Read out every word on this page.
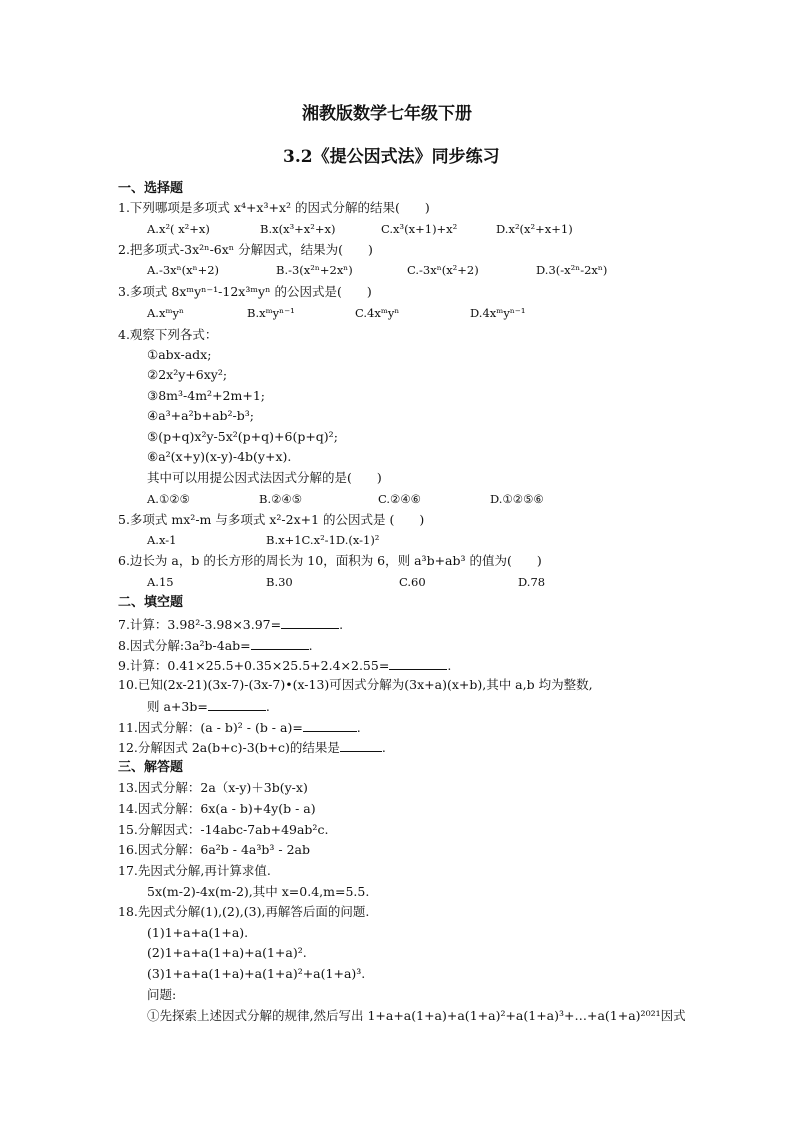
湘教版数学七年级下册
3.2《提公因式法》同步练习
一、选择题
1.下列哪项是多项式 x⁴+x³+x² 的因式分解的结果(　　)
A.x²( x²+x)	B.x(x³+x²+x)	C.x³(x+1)+x²	D.x²(x²+x+1)
2.把多项式-3x²ⁿ-6xⁿ 分解因式，结果为(　　)
A.-3xⁿ(xⁿ+2)	B.-3(x²ⁿ+2xⁿ)	C.-3xⁿ(x²+2)	D.3(-x²ⁿ-2xⁿ)
3.多项式 8xᵐyⁿ⁻¹-12x³ᵐyⁿ 的公因式是(　　)
A.xᵐyⁿ	B.xᵐyⁿ⁻¹	C.4xᵐyⁿ	D.4xᵐyⁿ⁻¹
4.观察下列各式：
①abx-adx;
②2x²y+6xy²;
③8m³-4m²+2m+1;
④a³+a²b+ab²-b³;
⑤(p+q)x²y-5x²(p+q)+6(p+q)²;
⑥a²(x+y)(x-y)-4b(y+x).
其中可以用提公因式法因式分解的是(　　)
A.①②⑤	B.②④⑤	C.②④⑥	D.①②⑤⑥
5.多项式 mx²-m 与多项式 x²-2x+1 的公因式是 (　　)
A.x-1	B.x+1C.x²-1D.(x-1)²
6.边长为 a，b 的长方形的周长为 10，面积为 6，则 a³b+ab³ 的值为(　　)
A.15	B.30	C.60	D.78
二、填空题
7.计算：3.98²-3.98×3.97=	.
8.因式分解:3a²b-4ab=	.
9.计算：0.41×25.5+0.35×25.5+2.4×2.55=	.
10.已知(2x-21)(3x-7)-(3x-7)•(x-13)可因式分解为(3x+a)(x+b),其中 a,b 均为整数,
则 a+3b=	.
11.因式分解：(a - b)² - (b - a)=	.
12.分解因式 2a(b+c)-3(b+c)的结果是	.
三、解答题
13.因式分解：2a（x-y)＋3b(y-x)
14.因式分解：6x(a - b)+4y(b - a)
15.分解因式：-14abc-7ab+49ab²c.
16.因式分解：6a²b - 4a³b³ - 2ab
17.先因式分解,再计算求值.
5x(m-2)-4x(m-2),其中 x=0.4,m=5.5.
18.先因式分解(1),(2),(3),再解答后面的问题.
(1)1+a+a(1+a).
(2)1+a+a(1+a)+a(1+a)².
(3)1+a+a(1+a)+a(1+a)²+a(1+a)³.
问题:
①先探索上述因式分解的规律,然后写出 1+a+a(1+a)+a(1+a)²+a(1+a)³+…+a(1+a)²⁰²¹因式
